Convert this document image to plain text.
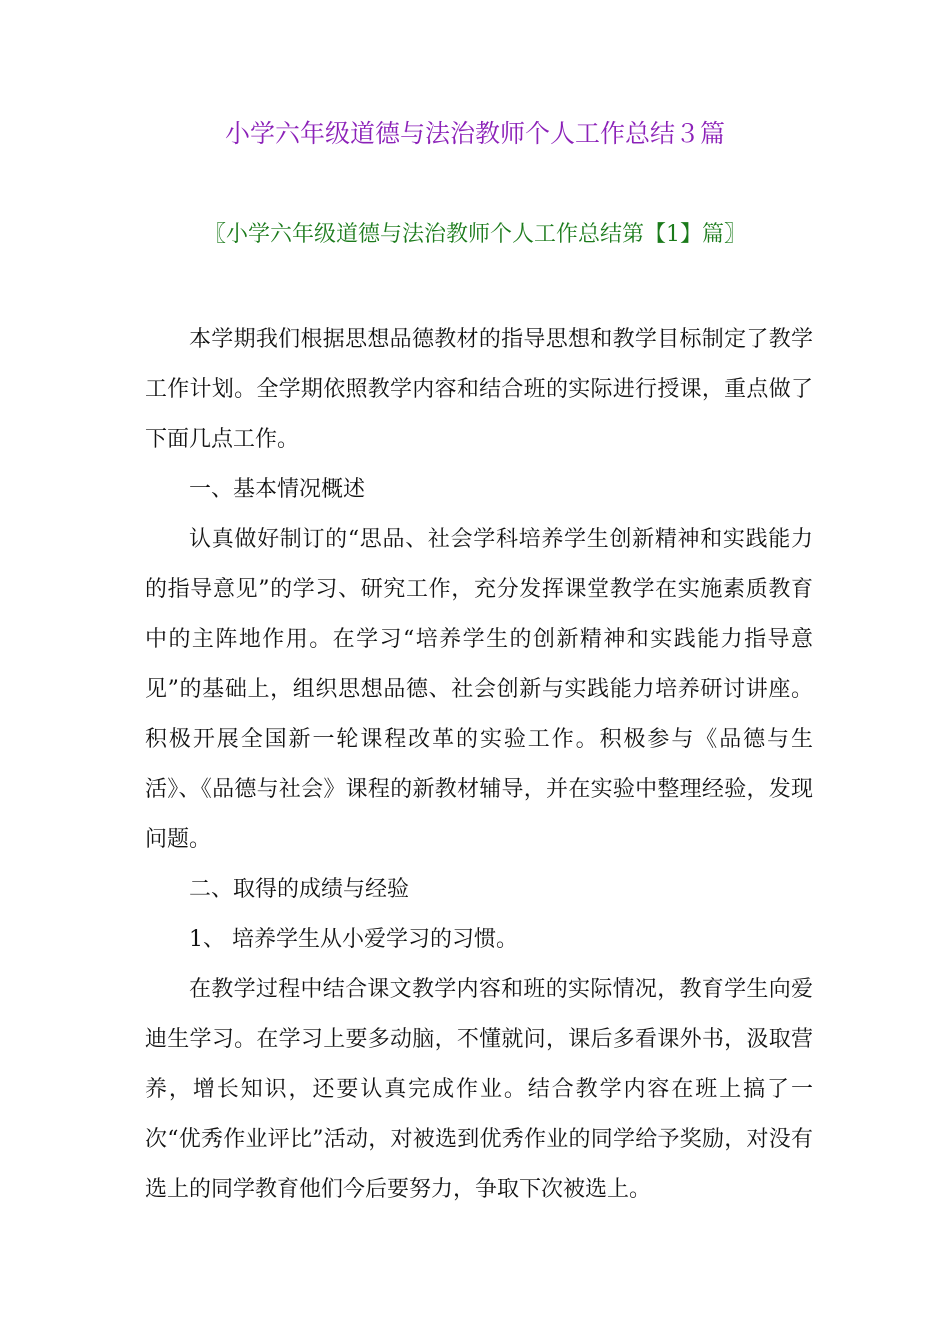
小学六年级道德与法治教师个人工作总结３篇
〖小学六年级道德与法治教师个人工作总结第【1】篇〗

本学期我们根据思想品德教材的指导思想和教学目标制定了教学工作计划。全学期依照教学内容和结合班的实际进行授课，重点做了下面几点工作。

一、基本情况概述

认真做好制订的“思品、社会学科培养学生创新精神和实践能力的指导意见”的学习、研究工作，充分发挥课堂教学在实施素质教育中的主阵地作用。在学习“培养学生的创新精神和实践能力指导意见”的基础上，组织思想品德、社会创新与实践能力培养研讨讲座。积极开展全国新一轮课程改革的实验工作。积极参与《品德与生活》、《品德与社会》课程的新教材辅导，并在实验中整理经验，发现问题。

二、取得的成绩与经验

1、 培养学生从小爱学习的习惯。

在教学过程中结合课文教学内容和班的实际情况，教育学生向爱迪生学习。在学习上要多动脑，不懂就问，课后多看课外书，汲取营养，增长知识，还要认真完成作业。结合教学内容在班上搞了一次“优秀作业评比”活动，对被选到优秀作业的同学给予奖励，对没有选上的同学教育他们今后要努力，争取下次被选上。
